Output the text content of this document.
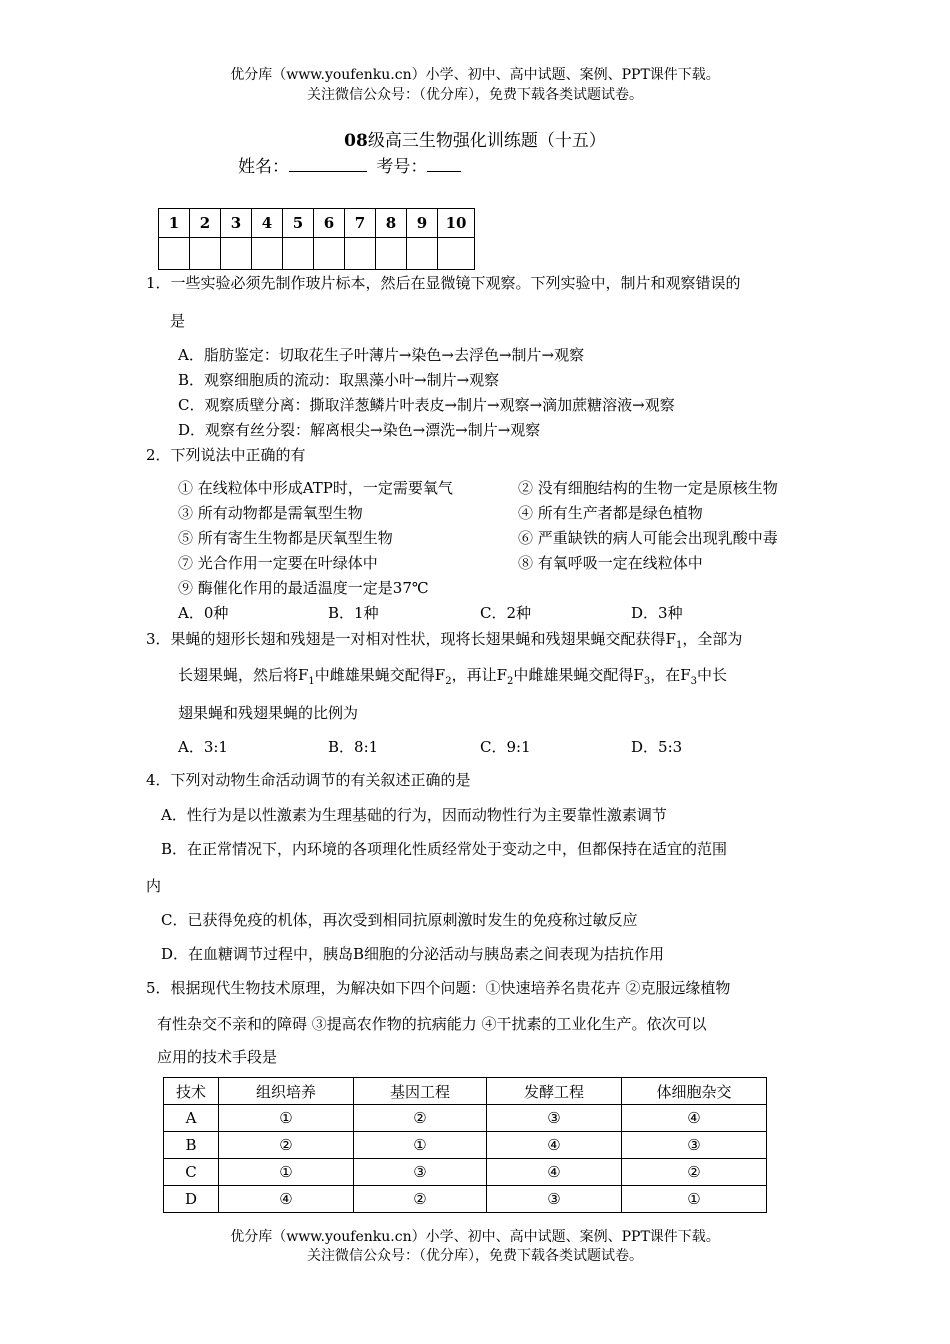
优分库（www.youfenku.cn）小学、初中、高中试题、案例、PPT课件下载。
关注微信公众号：（优分库），免费下载各类试题试卷。
08级高三生物强化训练题（十五）
姓名：	考号：
1	2	3	4	5	6	7	8	9	10

1．一些实验必须先制作玻片标本，然后在显微镜下观察。下列实验中，制片和观察错误的
是
A．脂肪鉴定：切取花生子叶薄片→染色→去浮色→制片→观察
B．观察细胞质的流动：取黑藻小叶→制片→观察
C．观察质壁分离：撕取洋葱鳞片叶表皮→制片→观察→滴加蔗糖溶液→观察
D．观察有丝分裂：解离根尖→染色→漂洗→制片→观察
2．下列说法中正确的有
① 在线粒体中形成ATP时，一定需要氧气	② 没有细胞结构的生物一定是原核生物
③ 所有动物都是需氧型生物	④ 所有生产者都是绿色植物
⑤ 所有寄生生物都是厌氧型生物	⑥ 严重缺铁的病人可能会出现乳酸中毒
⑦ 光合作用一定要在叶绿体中	⑧ 有氧呼吸一定在线粒体中
⑨ 酶催化作用的最适温度一定是37℃
A．0种	B．1种	C．2种	D．3种
3．果蝇的翅形长翅和残翅是一对相对性状，现将长翅果蝇和残翅果蝇交配获得$F_1$，全部为
长翅果蝇，然后将$F_1$中雌雄果蝇交配得$F_2$，再让$F_2$中雌雄果蝇交配得$F_3$，在$F_3$中长
翅果蝇和残翅果蝇的比例为
A．3:1	B．8:1	C．9:1	D．5:3
4．下列对动物生命活动调节的有关叙述正确的是
A．性行为是以性激素为生理基础的行为，因而动物性行为主要靠性激素调节
B．在正常情况下，内环境的各项理化性质经常处于变动之中，但都保持在适宜的范围
内
C．已获得免疫的机体，再次受到相同抗原刺激时发生的免疫称过敏反应
D．在血糖调节过程中，胰岛B细胞的分泌活动与胰岛素之间表现为拮抗作用
5．根据现代生物技术原理，为解决如下四个问题：①快速培养名贵花卉 ②克服远缘植物
有性杂交不亲和的障碍 ③提高农作物的抗病能力 ④干扰素的工业化生产。依次可以
应用的技术手段是
技术	组织培养	基因工程	发酵工程	体细胞杂交
A	①	②	③	④
B	②	①	④	③
C	①	③	④	②
D	④	②	③	①
优分库（www.youfenku.cn）小学、初中、高中试题、案例、PPT课件下载。
关注微信公众号：（优分库），免费下载各类试题试卷。
